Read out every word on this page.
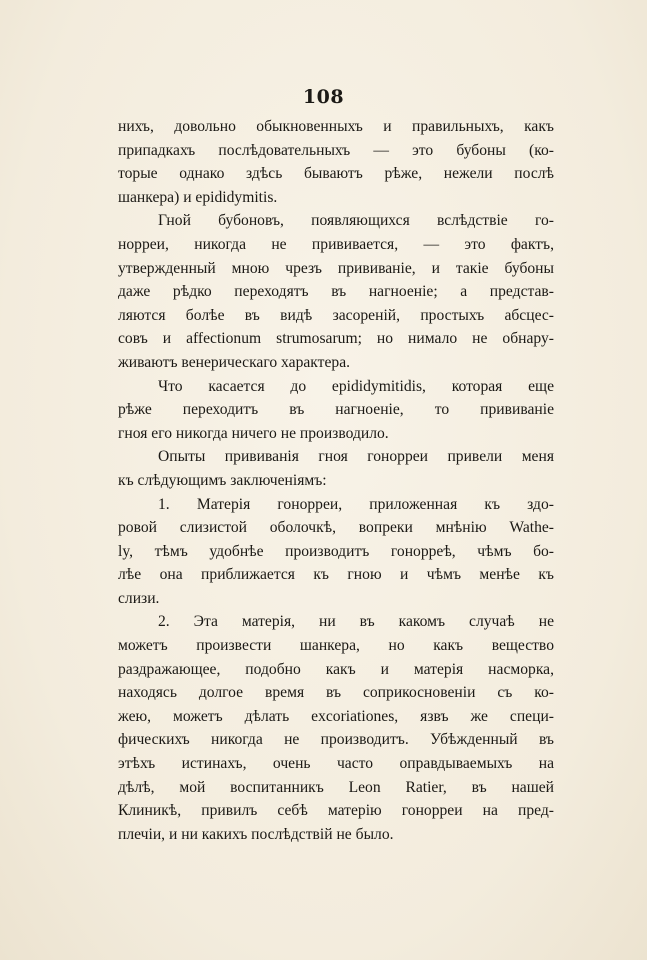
108
нихъ, довольно обыкновенныхъ и правильныхъ, какъ
припадкахъ послѣдовательныхъ — это бубоны (ко-
торые однако здѣсь бываютъ рѣже, нежели послѣ
шанкера) и epididymitis.
Гной бубоновъ, появляющихся вслѣдствіе го-
норреи, никогда не прививается, — это фактъ,
утвержденный мною чрезъ прививаніе, и такіе бубоны
даже рѣдко переходятъ въ нагноеніе; а представ-
ляются болѣе въ видѣ засореній, простыхъ абсцес-
совъ и affectionum strumosarum; но нимало не обнару-
живаютъ венерическаго характера.
Что касается до epididymitidis, которая еще
рѣже переходитъ въ нагноеніе, то прививаніе
гноя его никогда ничего не производило.
Опыты прививанія гноя гонорреи привели меня
къ слѣдующимъ заключеніямъ:
1. Матерія гонорреи, приложенная къ здо-
ровой слизистой оболочкѣ, вопреки мнѣнію Wathe-
ly, тѣмъ удобнѣе производитъ гонорреѣ, чѣмъ бо-
лѣе она приближается къ гною и чѣмъ менѣе къ
слизи.
2. Эта матерія, ни въ какомъ случаѣ не
можетъ произвести шанкера, но какъ вещество
раздражающее, подобно какъ и матерія насморка,
находясь долгое время въ соприкосновеніи съ ко-
жею, можетъ дѣлать excoriationes, язвъ же специ-
фическихъ никогда не производитъ. Убѣжденный въ
этѣхъ истинахъ, очень часто оправдываемыхъ на
дѣлѣ, мой воспитанникъ Leon Ratier, въ нашей
Клиникѣ, привилъ себѣ матерію гонорреи на пред-
плечіи, и ни какихъ послѣдствій не было.
